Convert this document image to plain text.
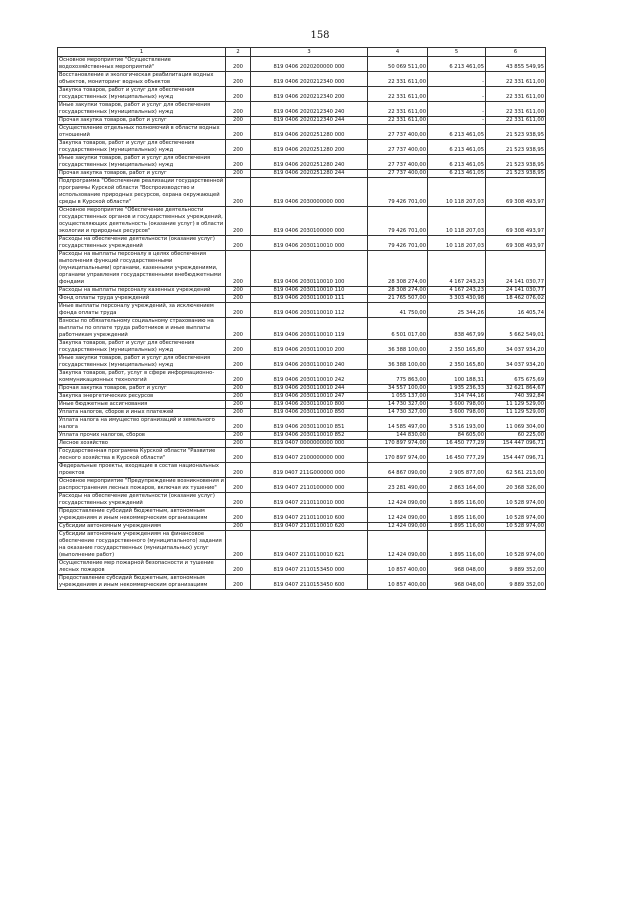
158
1	2	3	4	5	6
Основное мероприятие "Осуществление водохозяйственных мероприятий"	200	819 0406 2020200000 000	50 069 511,00	6 213 461,05	43 855 549,95
Восстановление и экологическая реабилитация водных объектов, мониторинг водных объектов	200	819 0406 2020212340 000	22 331 611,00	-	22 331 611,00
Закупка товаров, работ и услуг для обеспечения государственных (муниципальных) нужд	200	819 0406 2020212340 200	22 331 611,00	-	22 331 611,00
Иные закупки товаров, работ и услуг для обеспечения государственных (муниципальных) нужд	200	819 0406 2020212340 240	22 331 611,00	-	22 331 611,00
Прочая закупка товаров, работ и услуг	200	819 0406 2020212340 244	22 331 611,00	-	22 331 611,00
Осуществление отдельных полномочий в области водных отношений	200	819 0406 2020251280 000	27 737 400,00	6 213 461,05	21 523 938,95
Закупка товаров, работ и услуг для обеспечения государственных (муниципальных) нужд	200	819 0406 2020251280 200	27 737 400,00	6 213 461,05	21 523 938,95
Иные закупки товаров, работ и услуг для обеспечения государственных (муниципальных) нужд	200	819 0406 2020251280 240	27 737 400,00	6 213 461,05	21 523 938,95
Прочая закупка товаров, работ и услуг	200	819 0406 2020251280 244	27 737 400,00	6 213 461,05	21 523 938,95
Подпрограмма "Обеспечение реализации государственной программы Курской области "Воспроизводство и использование природных ресурсов, охрана окружающей среды в Курской области"	200	819 0406 2030000000 000	79 426 701,00	10 118 207,03	69 308 493,97
Основное мероприятие "Обеспечение деятельности государственных органов и государственных учреждений, осуществляющих деятельность (оказание услуг) в области экологии и природных ресурсов"	200	819 0406 2030100000 000	79 426 701,00	10 118 207,03	69 308 493,97
Расходы на обеспечение деятельности (оказание услуг) государственных учреждений	200	819 0406 2030110010 000	79 426 701,00	10 118 207,03	69 308 493,97
Расходы на выплаты персоналу в целях обеспечения выполнения функций государственными (муниципальными) органами, казенными учреждениями, органами управления государственными внебюджетными фондами	200	819 0406 2030110010 100	28 308 274,00	4 167 243,23	24 141 030,77
Расходы на выплаты персоналу казенных учреждений	200	819 0406 2030110010 110	28 308 274,00	4 167 243,23	24 141 030,77
Фонд оплаты труда учреждений	200	819 0406 2030110010 111	21 765 507,00	3 303 430,98	18 462 076,02
Иные выплаты персоналу учреждений, за исключением фонда оплаты труда	200	819 0406 2030110010 112	41 750,00	25 344,26	16 405,74
Взносы по обязательному социальному страхованию на выплаты по оплате труда работников и иные выплаты работникам учреждений	200	819 0406 2030110010 119	6 501 017,00	838 467,99	5 662 549,01
Закупка товаров, работ и услуг для обеспечения государственных (муниципальных) нужд	200	819 0406 2030110010 200	36 388 100,00	2 350 165,80	34 037 934,20
Иные закупки товаров, работ и услуг для обеспечения государственных (муниципальных) нужд	200	819 0406 2030110010 240	36 388 100,00	2 350 165,80	34 037 934,20
Закупка товаров, работ, услуг в сфере информационно-коммуникационных технологий	200	819 0406 2030110010 242	775 863,00	100 188,31	675 675,69
Прочая закупка товаров, работ и услуг	200	819 0406 2030110010 244	34 557 100,00	1 935 236,33	32 621 864,67
Закупка энергетических ресурсов	200	819 0406 2030110010 247	1 055 137,00	314 744,16	740 392,84
Иные бюджетные ассигнования	200	819 0406 2030110010 800	14 730 327,00	3 600 798,00	11 129 529,00
Уплата налогов, сборов и иных платежей	200	819 0406 2030110010 850	14 730 327,00	3 600 798,00	11 129 529,00
Уплата налога на имущество организаций и земельного налога	200	819 0406 2030110010 851	14 585 497,00	3 516 193,00	11 069 304,00
Уплата прочих налогов, сборов	200	819 0406 2030110010 852	144 830,00	84 605,00	60 225,00
Лесное хозяйство	200	819 0407 0000000000 000	170 897 974,00	16 450 777,29	154 447 096,71
Государственная программа Курской области "Развитие лесного хозяйства в Курской области"	200	819 0407 2100000000 000	170 897 974,00	16 450 777,29	154 447 096,71
Федеральные проекты, входящие в состав национальных проектов	200	819 0407 211G000000 000	64 867 090,00	2 905 877,00	62 561 213,00
Основное мероприятие "Предупреждение возникновения и распространения лесных пожаров, включая их тушение"	200	819 0407 2110100000 000	23 281 490,00	2 863 164,00	20 368 326,00
Расходы на обеспечение деятельности (оказание услуг) государственных учреждений	200	819 0407 2110110010 000	12 424 090,00	1 895 116,00	10 528 974,00
Предоставление субсидий бюджетным, автономным учреждениям и иным некоммерческим организациям	200	819 0407 2110110010 600	12 424 090,00	1 895 116,00	10 528 974,00
Субсидии автономным учреждениям	200	819 0407 2110110010 620	12 424 090,00	1 895 116,00	10 528 974,00
Субсидии автономным учреждениям на финансовое обеспечение государственного (муниципального) задания на оказание государственных (муниципальных) услуг (выполнение работ)	200	819 0407 2110110010 621	12 424 090,00	1 895 116,00	10 528 974,00
Осуществление мер пожарной безопасности и тушение лесных пожаров	200	819 0407 2110153450 000	10 857 400,00	968 048,00	9 889 352,00
Предоставление субсидий бюджетным, автономным учреждениям и иным некоммерческим организациям	200	819 0407 2110153450 600	10 857 400,00	968 048,00	9 889 352,00
